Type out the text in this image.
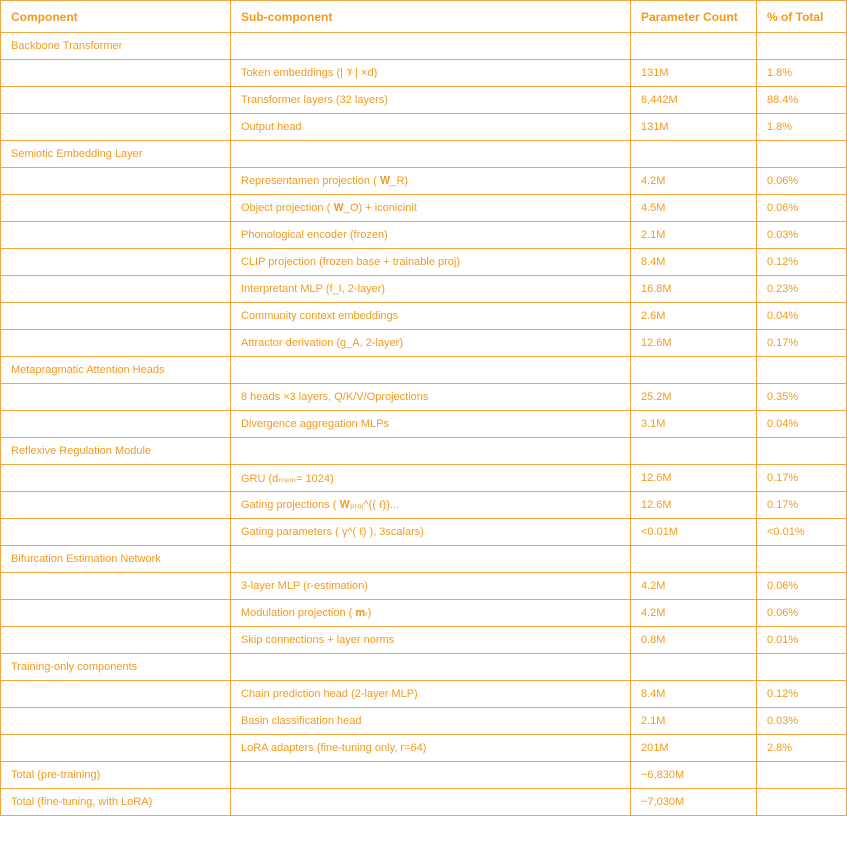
Component	Sub-component	Parameter Count	% of Total
Backbone Transformer			
	Token embeddings (| 𝒱| ×d)	131M	1.8%
	Transformer layers (32 layers)	6,442M	88.4%
	Output head	131M	1.8%
Semiotic Embedding Layer			
	Representamen projection ( 𝐖_R)	4.2M	0.06%
	Object projection ( 𝐖_O) + iconicinit	4.5M	0.06%
	Phonological encoder (frozen)	2.1M	0.03%
	CLIP projection (frozen base + trainable proj)	8.4M	0.12%
	Interpretant MLP (f_I, 2-layer)	16.8M	0.23%
	Community context embeddings	2.6M	0.04%
	Attractor derivation (g_A, 2-layer)	12.6M	0.17%
Metapragmatic Attention Heads			
	8 heads ×3 layers, Q/K/V/Oprojections	25.2M	0.35%
	Divergence aggregation MLPs	3.1M	0.04%
Reflexive Regulation Module			
	GRU (dₘₑₘ= 1024)	12.6M	0.17%
	Gating projections ( 𝐖ₚᵣₒⱼ^(( ℓ))...	12.6M	0.17%
	Gating parameters ( γ^( ℓ) ), 3scalars)	<0.01M	<0.01%
Bifurcation Estimation Network			
	3-layer MLP (r-estimation)	4.2M	0.06%
	Modulation projection ( 𝐦ᵣ)	4.2M	0.06%
	Skip connections + layer norms	0.8M	0.01%
Training-only components			
	Chain prediction head (2-layer MLP)	8.4M	0.12%
	Basin classification head	2.1M	0.03%
	LoRA adapters (fine-tuning only, r=64)	201M	2.8%
Total (pre-training)		~6,830M	
Total (fine-tuning, with LoRA)		~7,030M	
